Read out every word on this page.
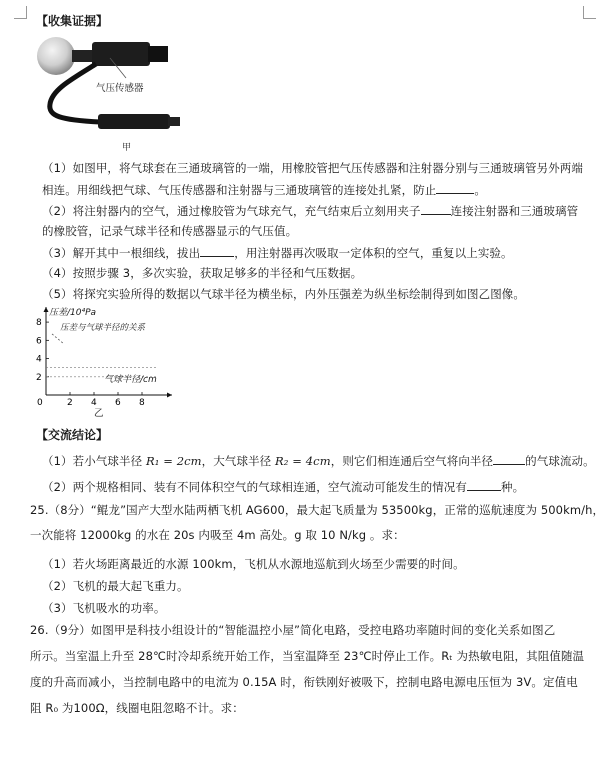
【收集证据】
气压传感器
甲
（1）如图甲，将气球套在三通玻璃管的一端，用橡胶管把气压传感器和注射器分别与三通玻璃管另外两端
相连。用细线把气球、气压传感器和注射器与三通玻璃管的连接处扎紧，防止	。
（2）将注射器内的空气，通过橡胶管为气球充气，充气结束后立刻用夹子	连接注射器和三通玻璃管
的橡胶管，记录气球半径和传感器显示的气压值。
（3）解开其中一根细线，拔出	，用注射器再次吸取一定体积的空气，重复以上实验。
（4）按照步骤 3，多次实验，获取足够多的半径和气压数据。
（5）将探究实验所得的数据以气球半径为横坐标，内外压强差为纵坐标绘制得到如图乙图像。
0	2 4 6 8
2
4
6
8
压差/10⁴Pa
压差与气球半径的关系
气球半径/cm
乙
【交流结论】
（1）若小气球半径 R₁ = 2cm，大气球半径 R₂ = 4cm，则它们相连通后空气将向半径	的气球流动。
（2）两个规格相同、装有不同体积空气的气球相连通，空气流动可能发生的情况有	种。
25.（8分）“鲲龙”国产大型水陆两栖飞机 AG600，最大起飞质量为 53500kg，正常的巡航速度为 500km/h，
一次能将 12000kg 的水在 20s 内吸至 4m 高处。g 取 10 N/kg 。求：
（1）若火场距离最近的水源 100km，飞机从水源地巡航到火场至少需要的时间。
（2）飞机的最大起飞重力。
（3）飞机吸水的功率。
26.（9分）如图甲是科技小组设计的“智能温控小屋”简化电路，受控电路功率随时间的变化关系如图乙
所示。当室温上升至 28℃时冷却系统开始工作，当室温降至 23℃时停止工作。Rₜ 为热敏电阻，其阻值随温
度的升高而减小，当控制电路中的电流为 0.15A 时，衔铁刚好被吸下，控制电路电源电压恒为 3V。定值电
阻 R₀ 为100Ω，线圈电阻忽略不计。求：
